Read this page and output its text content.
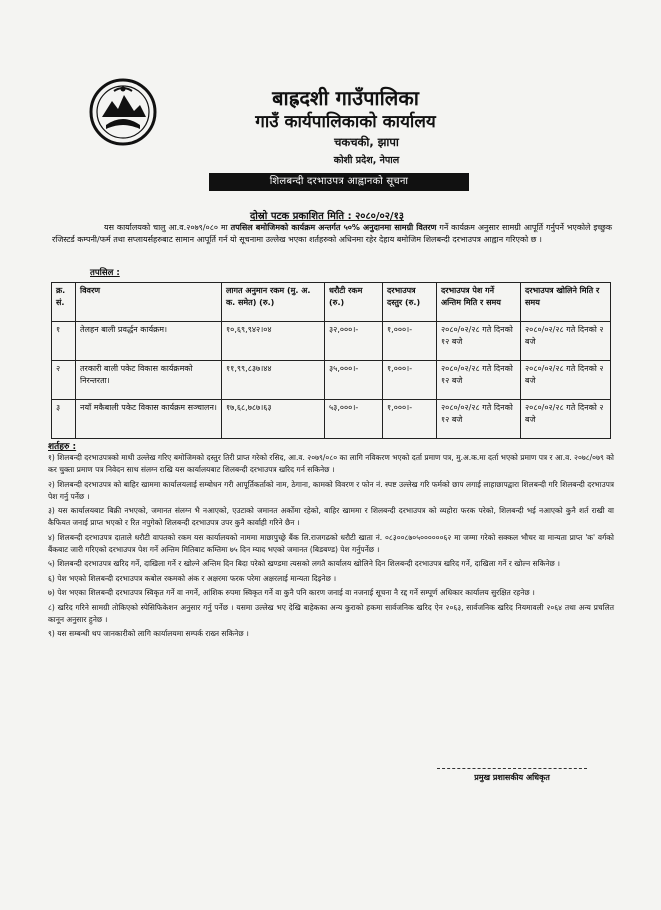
बाह्रदशी गाउँपालिका
गाउँ कार्यपालिकाको कार्यालय
चकचकी, झापा
कोशी प्रदेश, नेपाल
शिलबन्दी दरभाउपत्र आह्वानको सूचना
दोस्रो पटक प्रकाशित मिति : २०८०/०२/१३
यस कार्यालयको चालु आ.व.२०७९/०८० मा तपसिल बमोजिमको कार्यक्रम अन्तर्गत ५०% अनुदानमा सामग्री वितरण गर्ने कार्यक्रम अनुसार सामग्री आपूर्ति गर्नुपर्ने भएकोले इच्छुक रजिस्टर्ड कम्पनी/फर्म तथा सप्लायर्सहरुबाट सामान आपूर्ति गर्न यो सूचनामा उल्लेख भएका शर्तहरुको अधिनमा रहेर देहाय बमोजिम शिलबन्दी दरभाउपत्र आह्वान गरिएको छ ।
तपसिल :
क्र. सं.	विवरण	लागत अनुमान रकम (मु. अ. क. समेत) (रु.)	धरौटी रकम (रु.)	दरभाउपत्र दस्तुर (रु.)	दरभाउपत्र पेश गर्ने अन्तिम मिति र समय	दरभाउपत्र खोलिने मिति र समय
१	तेलहन बाली प्रवर्द्धन कार्यक्रम।	१०,६९,९४२।०४	३२,०००।-	१,०००।-	२०८०/०२/२८ गते दिनको १२ बजे	२०८०/०२/२८ गते दिनको २ बजे
२	तरकारी बाली पकेट विकास कार्यक्रमको निरन्तरता।	११,९९,८३७।४४	३५,०००।-	१,०००।-	२०८०/०२/२८ गते दिनको १२ बजे	२०८०/०२/२८ गते दिनको २ बजे
३	नयाँ मकैबाली पकेट विकास कार्यक्रम सञ्चालन।	१७,६८,७८७।६३	५३,०००।-	१,०००।-	२०८०/०२/२८ गते दिनको १२ बजे	२०८०/०२/२८ गते दिनको २ बजे
शर्तहरु :
१) शिलबन्दी दरभाउपत्रको माथी उल्लेख गरिए बमोजिमको दस्तुर तिरी प्राप्त गरेको रसिद, आ.व. २०७९/०८० का लागि नविकरण भएको दर्ता प्रमाण पत्र, मु.अ.क.मा दर्ता भएको प्रमाण पत्र र आ.व. २०७८/०७९ को कर चुक्ता प्रमाण पत्र निवेदन साथ संलग्न राखि यस कार्यालयबाट शिलबन्दी दरभाउपत्र खरिद गर्न सकिनेछ ।
२) शिलबन्दी दरभाउपत्र को बाहिर खाममा कार्यालयलाई सम्बोधन गरी आपूर्तिकर्ताको नाम, ठेगाना, कामको विवरण र फोन नं. स्पष्ट उल्लेख गरि फर्मको छाप लगाई लाहाछापद्वारा शिलबन्दी गरि शिलबन्दी दरभाउपत्र पेश गर्नु पर्नेछ ।
३) यस कार्यालयबाट बिक्री नभएको, जमानत संलग्न भै नआएको, एउटाको जमानत अर्कोमा रहेको, बाहिर खाममा र शिलबन्दी दरभाउपत्र को व्यहोरा फरक परेको, शिलबन्दी भई नआएको कुनै शर्त राखी वा कैफियत जनाई प्राप्त भएको र रित नपुगेको शिलबन्दी दरभाउपत्र उपर कुनै कार्वाही गरिने छैन ।
४) शिलबन्दी दरभाउपत्र दाताले धरौटी वापतको रकम यस कार्यालयको नाममा माछापुच्छ्रे बैंक लि.राजगढको धरौटी खाता नं. ०८३००८७०५००००००६२ मा जम्मा गरेको सक्कल भौचर वा मान्यता प्राप्त 'क' वर्गको बैंकबाट जारी गरिएको दरभाउपत्र पेश गर्ने अन्तिम मितिबाट कम्तिमा ७५ दिन म्याद भएको जमानत (बिडबण्ड) पेश गर्नुपर्नेछ ।
५) शिलबन्दी दरभाउपत्र खरिद गर्ने, दाखिला गर्ने र खोल्ने अन्तिम दिन बिदा परेको खण्डमा त्यसको लगतै कार्यालय खोलिने दिन शिलबन्दी दरभाउपत्र खरिद गर्ने, दाखिला गर्ने र खोल्न सकिनेछ ।
६) पेश भएको शिलबन्दी दरभाउपत्र कबोल रकमको अंक र अक्षरमा फरक परेमा अक्षरलाई मान्यता दिइनेछ ।
७) पेश भएका शिलबन्दी दरभाउपत्र स्विकृत गर्ने वा नगर्ने, आंशिक रुपमा स्विकृत गर्ने वा कुनै पनि कारण जनाई वा नजनाई सूचना नै रद्द गर्ने सम्पूर्ण अधिकार कार्यालय सुरक्षित रहनेछ ।
८) खरिद गरिने सामग्री तोकिएको स्पेसिफिकेशन अनुसार गर्नु पर्नेछ । यसमा उल्लेख भए देखि बाहेकका अन्य कुराको हकमा सार्वजनिक खरिद ऐन २०६३, सार्वजनिक खरिद नियमावली २०६४ तथा अन्य प्रचलित कानून अनुसार हुनेछ ।
९) यस सम्बन्धी थप जानकारीको लागि कार्यालयमा सम्पर्क राख्न सकिनेछ ।
प्रमुख प्रशासकीय अधिकृत
